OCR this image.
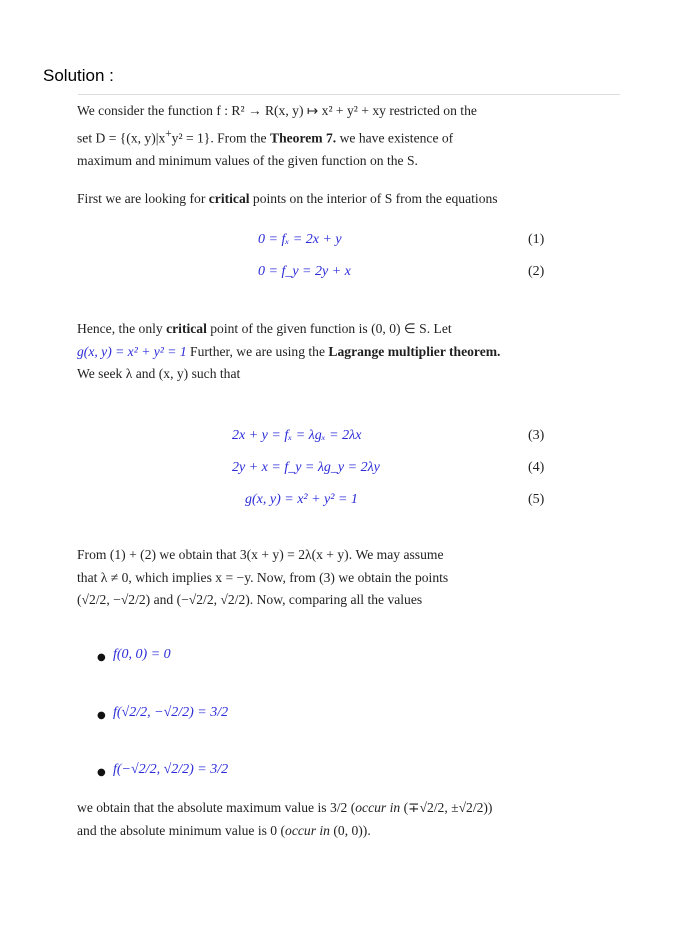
Solution :

We consider the function f : R² → R(x, y) ↦ x² + y² + xy restricted on the
set D = {(x, y)|x+y² = 1}. From the Theorem 7. we have existence of
maximum and minimum values of the given function on the S.

First we are looking for critical points on the interior of S from the equations

0 = fₓ = 2x + y	(1)
0 = f_y = 2y + x	(2)

Hence, the only critical point of the given function is (0, 0) ∈ S. Let
g(x, y) = x² + y² = 1 Further, we are using the Lagrange multiplier theorem.
We seek λ and (x, y) such that

2x + y = fₓ = λgₓ = 2λx	(3)
2y + x = f_y = λg_y = 2λy	(4)
g(x, y) = x² + y² = 1	(5)

From (1) + (2) we obtain that 3(x + y) = 2λ(x + y). We may assume
that λ ≠ 0, which implies x = −y. Now, from (3) we obtain the points
(√2/2, −√2/2) and (−√2/2, √2/2). Now, comparing all the values

● f(0, 0) = 0
● f(√2/2, −√2/2) = 3/2
● f(−√2/2, √2/2) = 3/2

we obtain that the absolute maximum value is 3/2 (occur in (∓√2/2, ±√2/2))
and the absolute minimum value is 0 (occur in (0, 0)).
